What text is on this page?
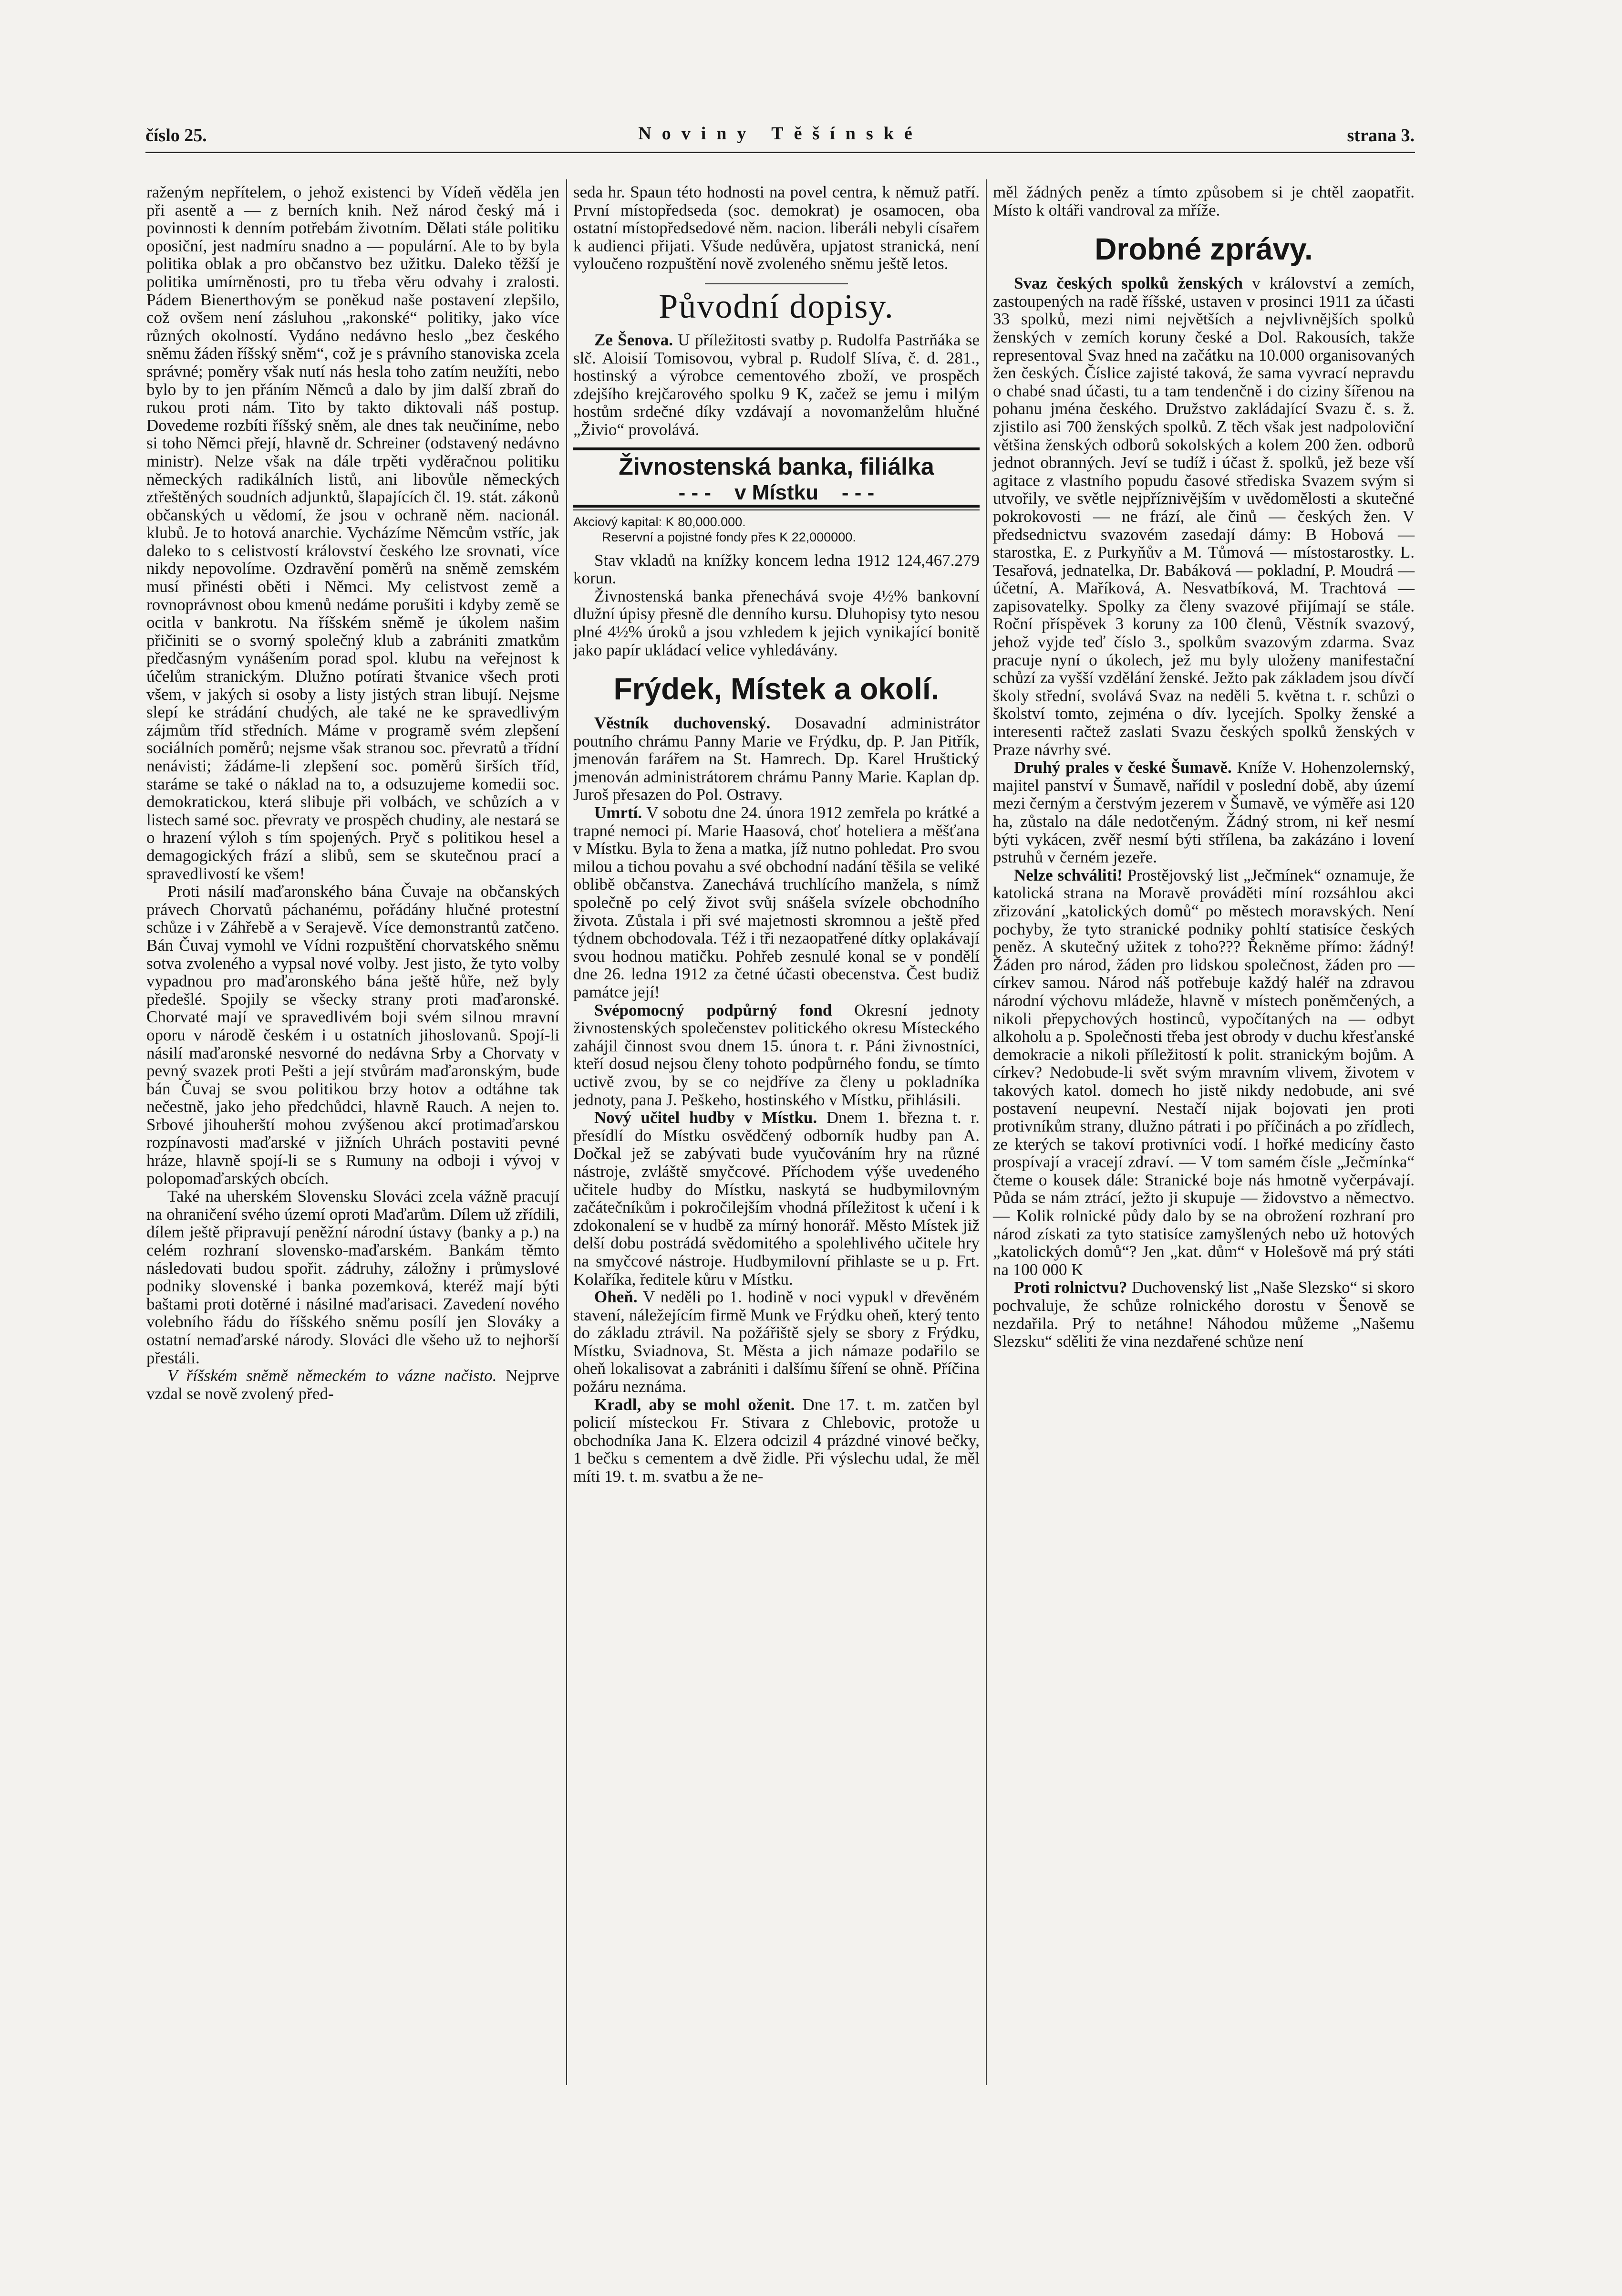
číslo 25.	Noviny Těšínské	strana 3.

raženým nepřítelem, o jehož existenci by Vídeň věděla jen při asentě a — z berních knih. Než národ český má i povinnosti k denním potřebám životním. Dělati stále politiku oposiční, jest nadmíru snadno a — populární. Ale to by byla politika oblak a pro občanstvo bez užitku. Daleko těžší je politika umírněnosti, pro tu třeba věru odvahy i zralosti. Pádem Bienerthovým se poněkud naše postavení zlepšilo, což ovšem není zásluhou „rakonské“ politiky, jako více různých okolností. Vydáno nedávno heslo „bez českého sněmu žáden říšský sněm“, což je s právního stanoviska zcela správné; poměry však nutí nás hesla toho zatím neužíti, nebo bylo by to jen přáním Němců a dalo by jim další zbraň do rukou proti nám. Tito by takto diktovali náš postup. Dovedeme rozbíti říšský sněm, ale dnes tak neučiníme, nebo si toho Němci přejí, hlavně dr. Schreiner (odstavený nedávno ministr). Nelze však na dále trpěti vyděračnou politiku německých radikálních listů, ani libovůle německých ztřeštěných soudních adjunktů, šlapajících čl. 19. stát. zákonů občanských u vědomí, že jsou v ochraně něm. nacionál. klubů. Je to hotová anarchie. Vycházíme Němcům vstříc, jak daleko to s celistvostí království českého lze srovnati, více nikdy nepovolíme. Ozdravění poměrů na sněmě zemském musí přinésti oběti i Němci. My celistvost země a rovnoprávnost obou kmenů nedáme porušiti i kdyby země se ocitla v bankrotu. Na říšském sněmě je úkolem našim přičiniti se o svorný společný klub a zabrániti zmatkům předčasným vynášením porad spol. klubu na veřejnost k účelům stranickým. Dlužno potírati štvanice všech proti všem, v jakých si osoby a listy jistých stran libují. Nejsme slepí ke strádání chudých, ale také ne ke spravedlivým zájmům tříd středních. Máme v programě svém zlepšení sociálních poměrů; nejsme však stranou soc. převratů a třídní nenávisti; žádáme-li zlepšení soc. poměrů širších tříd, staráme se také o náklad na to, a odsuzujeme komedii soc. demokratickou, která slibuje při volbách, ve schůzích a v listech samé soc. převraty ve prospěch chudiny, ale nestará se o hrazení výloh s tím spojených. Pryč s politikou hesel a demagogických frází a slibů, sem se skutečnou prací a spravedlivostí ke všem!

Proti násilí maďaronského bána Čuvaje na občanských právech Chorvatů páchanému, pořádány hlučné protestní schůze i v Záhřebě a v Serajevě. Více demonstrantů zatčeno. Bán Čuvaj vymohl ve Vídni rozpuštění chorvatského sněmu sotva zvoleného a vypsal nové volby. Jest jisto, že tyto volby vypadnou pro maďaronského bána ještě hůře, než byly předešlé. Spojily se všecky strany proti maďaronské. Chorvaté mají ve spravedlivém boji svém silnou mravní oporu v národě českém i u ostatních jihoslovanů. Spojí-li násilí maďaronské nesvorné do nedávna Srby a Chorvaty v pevný svazek proti Pešti a její stvůrám maďaronským, bude bán Čuvaj se svou politikou brzy hotov a odtáhne tak nečestně, jako jeho předchůdci, hlavně Rauch. A nejen to. Srbové jihouherští mohou zvýšenou akcí protimaďarskou rozpínavosti maďarské v jižních Uhrách postaviti pevné hráze, hlavně spojí-li se s Rumuny na odboji i vývoj v polopomaďarských obcích.

Také na uherském Slovensku Slováci zcela vážně pracují na ohraničení svého území oproti Maďarům. Dílem už zřídili, dílem ještě připravují peněžní národní ústavy (banky a p.) na celém rozhraní slovensko-maďarském. Bankám těmto následovati budou spořit. zádruhy, záložny i průmyslové podniky slovenské i banka pozemková, kteréž mají býti baštami proti dotěrné i násilné maďarisaci. Zavedení nového volebního řádu do říšského sněmu posílí jen Slováky a ostatní nemaďarské národy. Slováci dle všeho už to nejhorší přestáli.

V říšském sněmě německém to vázne načisto. Nejprve vzdal se nově zvolený před-

seda hr. Spaun této hodnosti na povel centra, k němuž patří. První místopředseda (soc. demokrat) je osamocen, oba ostatní místopředsedové něm. nacion. liberáli nebyli císařem k audienci přijati. Všude nedůvěra, upjatost stranická, není vyloučeno rozpuštění nově zvoleného sněmu ještě letos.

Původní dopisy.

Ze Šenova. U příležitosti svatby p. Rudolfa Pastrňáka se slč. Aloisií Tomisovou, vybral p. Rudolf Slíva, č. d. 281., hostinský a výrobce cementového zboží, ve prospěch zdejšího krejčarového spolku 9 K, začež se jemu i milým hostům srdečné díky vzdávají a novomanželům hlučné „Živio“ provolává.

Živnostenská banka, filiálka
- - -    v Místku    - - -

Akciový kapital: K 80,000.000.

Reservní a pojistné fondy přes K 22,000000.

Stav vkladů na knížky koncem ledna 1912 124,467.279 korun.

Živnostenská banka přenechává svoje 4½% bankovní dlužní úpisy přesně dle denního kursu. Dluhopisy tyto nesou plné 4½% úroků a jsou vzhledem k jejich vynikající bonitě jako papír ukládací velice vyhledávány.

Frýdek, Místek a okolí.

Věstník duchovenský. Dosavadní administrátor poutního chrámu Panny Marie ve Frýdku, dp. P. Jan Pitřík, jmenován farářem na St. Hamrech. Dp. Karel Hruštický jmenován administrátorem chrámu Panny Marie. Kaplan dp. Juroš přesazen do Pol. Ostravy.

Umrtí. V sobotu dne 24. února 1912 zemřela po krátké a trapné nemoci pí. Marie Haasová, choť hoteliera a měšťana v Místku. Byla to žena a matka, jíž nutno pohledat. Pro svou milou a tichou povahu a své obchodní nadání těšila se veliké oblibě občanstva. Zanechává truchlícího manžela, s nímž společně po celý život svůj snášela svízele obchodního života. Zůstala i při své majetnosti skromnou a ještě před týdnem obchodovala. Též i tři nezaopatřené dítky oplakávají svou hodnou matičku. Pohřeb zesnulé konal se v pondělí dne 26. ledna 1912 za četné účasti obecenstva. Čest budiž památce její!

Svépomocný podpůrný fond Okresní jednoty živnostenských společenstev politického okresu Místeckého zahájil činnost svou dnem 15. února t. r. Páni živnostníci, kteří dosud nejsou členy tohoto podpůrného fondu, se tímto uctivě zvou, by se co nejdříve za členy u pokladníka jednoty, pana J. Peškeho, hostinského v Místku, přihlásili.

Nový učitel hudby v Místku. Dnem 1. března t. r. přesídlí do Místku osvědčený odborník hudby pan A. Dočkal jež se zabývati bude vyučováním hry na různé nástroje, zvláště smyčcové. Příchodem výše uvedeného učitele hudby do Místku, naskytá se hudbymilovným začátečníkům i pokročilejším vhodná příležitost k učení i k zdokonalení se v hudbě za mírný honorář. Město Místek již delší dobu postrádá svědomitého a spolehlivého učitele hry na smyčcové nástroje. Hudbymilovní přihlaste se u p. Frt. Kolaříka, ředitele kůru v Místku.

Oheň. V neděli po 1. hodině v noci vypukl v dřevěném stavení, náležejícím firmě Munk ve Frýdku oheň, který tento do základu ztrávil. Na požářiště sjely se sbory z Frýdku, Místku, Sviadnova, St. Města a jich námaze podařilo se oheň lokalisovat a zabrániti i dalšímu šíření se ohně. Příčina požáru neznáma.

Kradl, aby se mohl oženit. Dne 17. t. m. zatčen byl policií místeckou Fr. Stivara z Chlebovic, protože u obchodníka Jana K. Elzera odcizil 4 prázdné vinové bečky, 1 bečku s cementem a dvě židle. Při výslechu udal, že měl míti 19. t. m. svatbu a že ne-

měl žádných peněz a tímto způsobem si je chtěl zaopatřit. Místo k oltáři vandroval za mříže.

Drobné zprávy.

Svaz českých spolků ženských v království a zemích, zastoupených na radě říšské, ustaven v prosinci 1911 za účasti 33 spolků, mezi nimi největších a nejvlivnějších spolků ženských v zemích koruny české a Dol. Rakousích, takže representoval Svaz hned na začátku na 10.000 organisovaných žen českých. Číslice zajisté taková, že sama vyvrací nepravdu o chabé snad účasti, tu a tam tendenčně i do ciziny šířenou na pohanu jména českého. Družstvo zakládající Svazu č. s. ž. zjistilo asi 700 ženských spolků. Z těch však jest nadpoloviční většina ženských odborů sokolských a kolem 200 žen. odborů jednot obranných. Jeví se tudíž i účast ž. spolků, jež beze vší agitace z vlastního popudu časové střediska Svazem svým si utvořily, ve světle nejpříznivějším v uvědomělosti a skutečné pokrokovosti — ne frází, ale činů — českých žen. V předsednictvu svazovém zasedají dámy: B Hobová — starostka, E. z Purkyňův a M. Tůmová — místostarostky. L. Tesařová, jednatelka, Dr. Babáková — pokladní, P. Moudrá — účetní, A. Maříková, A. Nesvatbíková, M. Trachtová — zapisovatelky. Spolky za členy svazové přijímají se stále. Roční příspěvek 3 koruny za 100 členů, Věstník svazový, jehož vyjde teď číslo 3., spolkům svazovým zdarma. Svaz pracuje nyní o úkolech, jež mu byly uloženy manifestační schůzí za vyšší vzdělání ženské. Ježto pak základem jsou dívčí školy střední, svolává Svaz na neděli 5. května t. r. schůzi o školství tomto, zejména o dív. lycejích. Spolky ženské a interesenti račtež zaslati Svazu českých spolků ženských v Praze návrhy své.

Druhý prales v české Šumavě. Kníže V. Hohenzolernský, majitel panství v Šumavě, nařídil v poslední době, aby území mezi černým a čerstvým jezerem v Šumavě, ve výměře asi 120 ha, zůstalo na dále nedotčeným. Žádný strom, ni keř nesmí býti vykácen, zvěř nesmí býti střílena, ba zakázáno i lovení pstruhů v černém jezeře.

Nelze schváliti! Prostějovský list „Ječmínek“ oznamuje, že katolická strana na Moravě prováděti míní rozsáhlou akci zřizování „katolických domů“ po městech moravských. Není pochyby, že tyto stranické podniky pohltí statisíce českých peněz. A skutečný užitek z toho??? Řekněme přímo: žádný! Žáden pro národ, žáden pro lidskou společnost, žáden pro — církev samou. Národ náš potřebuje každý haléř na zdravou národní výchovu mládeže, hlavně v místech poněmčených, a nikoli přepychových hostinců, vypočítaných na — odbyt alkoholu a p. Společnosti třeba jest obrody v duchu křesťanské demokracie a nikoli příležitostí k polit. stranickým bojům. A církev? Nedobude-li svět svým mravním vlivem, životem v takových katol. domech ho jistě nikdy nedobude, ani své postavení neupevní. Nestačí nijak bojovati jen proti protivníkům strany, dlužno pátrati i po příčinách a po zřídlech, ze kterých se takoví protivníci vodí. I hořké medicíny často prospívají a vracejí zdraví. — V tom samém čísle „Ječmínka“ čteme o kousek dále: Stranické boje nás hmotně vyčerpávají. Půda se nám ztrácí, ježto ji skupuje — židovstvo a němectvo. — Kolik rolnické půdy dalo by se na obrožení rozhraní pro národ získati za tyto statisíce zamyšlených nebo už hotových „katolických domů“? Jen „kat. dům“ v Holešově má prý státi na 100 000 K

Proti rolnictvu? Duchovenský list „Naše Slezsko“ si skoro pochvaluje, že schůze rolnického dorostu v Šenově se nezdařila. Prý to netáhne! Náhodou můžeme „Našemu Slezsku“ sděliti že vina nezdařené schůze není
